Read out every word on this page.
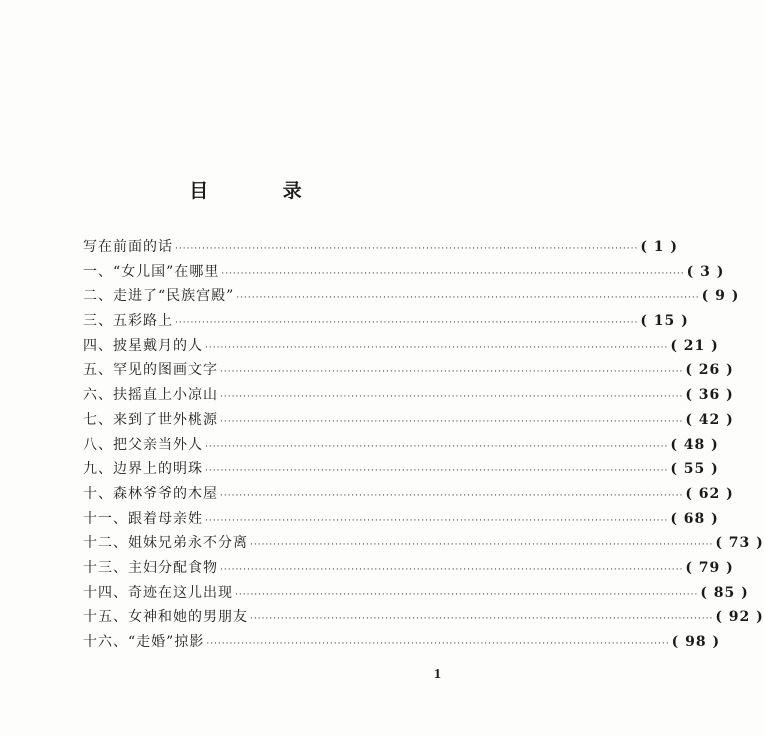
目 录
写在前面的话 ························································································································ ( 1 )
一、“女儿国”在哪里 ························································································································ ( 3 )
二、走进了“民族宫殿” ························································································································ ( 9 )
三、五彩路上 ························································································································ ( 15 )
四、披星戴月的人 ························································································································ ( 21 )
五、罕见的图画文字 ························································································································ ( 26 )
六、扶摇直上小凉山 ························································································································ ( 36 )
七、来到了世外桃源 ························································································································ ( 42 )
八、把父亲当外人 ························································································································ ( 48 )
九、边界上的明珠 ························································································································ ( 55 )
十、森林爷爷的木屋 ························································································································ ( 62 )
十一、跟着母亲姓 ························································································································ ( 68 )
十二、姐妹兄弟永不分离 ························································································································ ( 73 )
十三、主妇分配食物 ························································································································ ( 79 )
十四、奇迹在这儿出现 ························································································································ ( 85 )
十五、女神和她的男朋友 ························································································································ ( 92 )
十六、“走婚”掠影 ························································································································ ( 98 )
1
